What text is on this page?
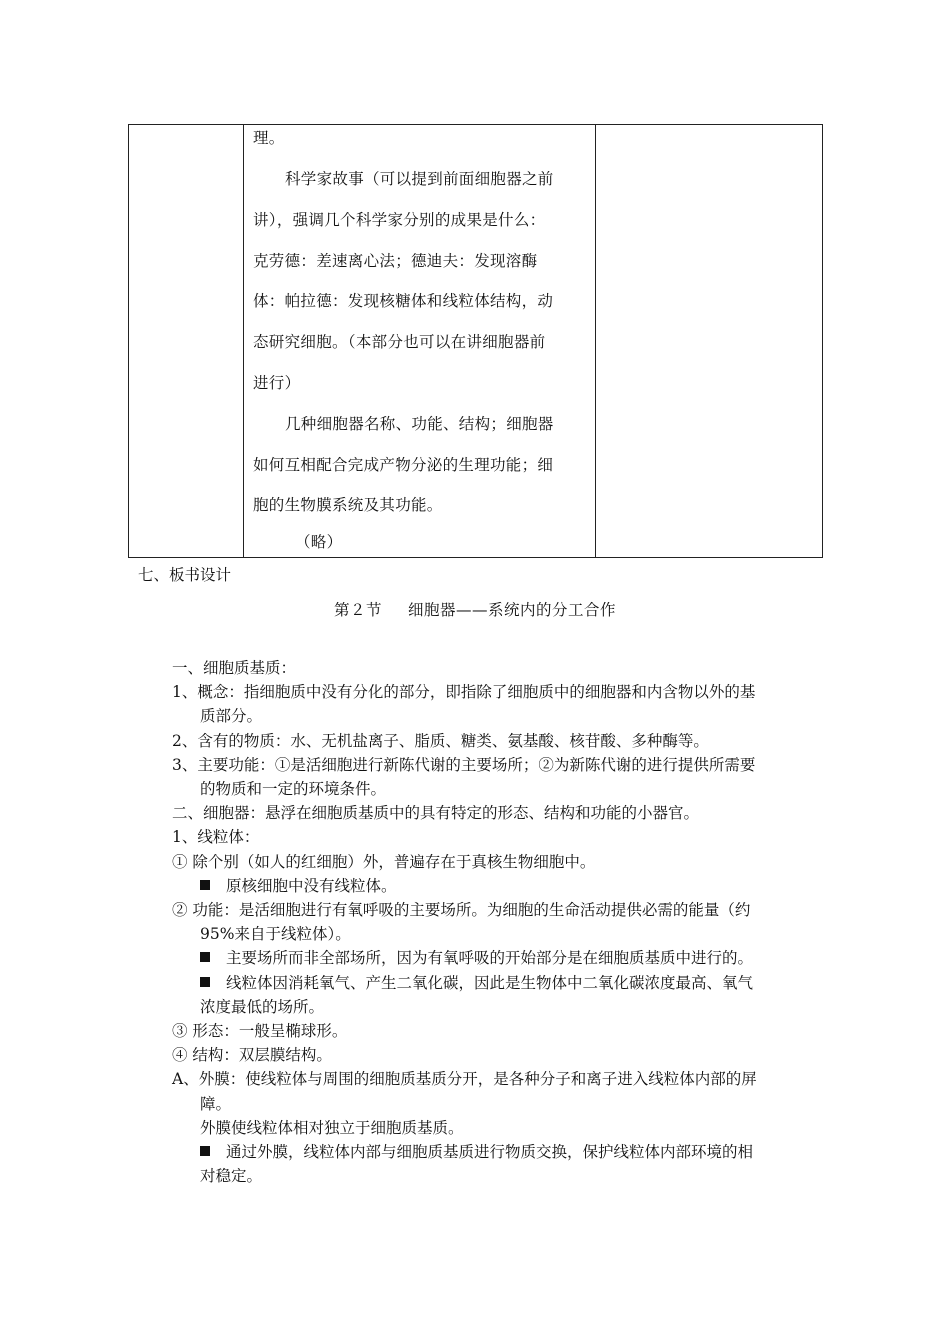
理。
科学家故事（可以提到前面细胞器之前
讲），强调几个科学家分别的成果是什么：
克劳德：差速离心法；德迪夫：发现溶酶
体：帕拉德：发现核糖体和线粒体结构，动
态研究细胞。（本部分也可以在讲细胞器前
进行）
几种细胞器名称、功能、结构；细胞器
如何互相配合完成产物分泌的生理功能；细
胞的生物膜系统及其功能。
（略）
七、板书设计
第２节 细胞器——系统内的分工合作
一、细胞质基质：
1、概念：指细胞质中没有分化的部分，即指除了细胞质中的细胞器和内含物以外的基
质部分。
2、含有的物质：水、无机盐离子、脂质、糖类、氨基酸、核苷酸、多种酶等。
3、主要功能：①是活细胞进行新陈代谢的主要场所；②为新陈代谢的进行提供所需要
的物质和一定的环境条件。
二、细胞器：悬浮在细胞质基质中的具有特定的形态、结构和功能的小器官。
1、线粒体：
① 除个别（如人的红细胞）外，普遍存在于真核生物细胞中。
原核细胞中没有线粒体。
② 功能：是活细胞进行有氧呼吸的主要场所。为细胞的生命活动提供必需的能量（约
95%来自于线粒体）。
主要场所而非全部场所，因为有氧呼吸的开始部分是在细胞质基质中进行的。
线粒体因消耗氧气、产生二氧化碳，因此是生物体中二氧化碳浓度最高、氧气
浓度最低的场所。
③ 形态：一般呈椭球形。
④ 结构：双层膜结构。
A、外膜：使线粒体与周围的细胞质基质分开，是各种分子和离子进入线粒体内部的屏
障。
外膜使线粒体相对独立于细胞质基质。
通过外膜，线粒体内部与细胞质基质进行物质交换，保护线粒体内部环境的相
对稳定。
